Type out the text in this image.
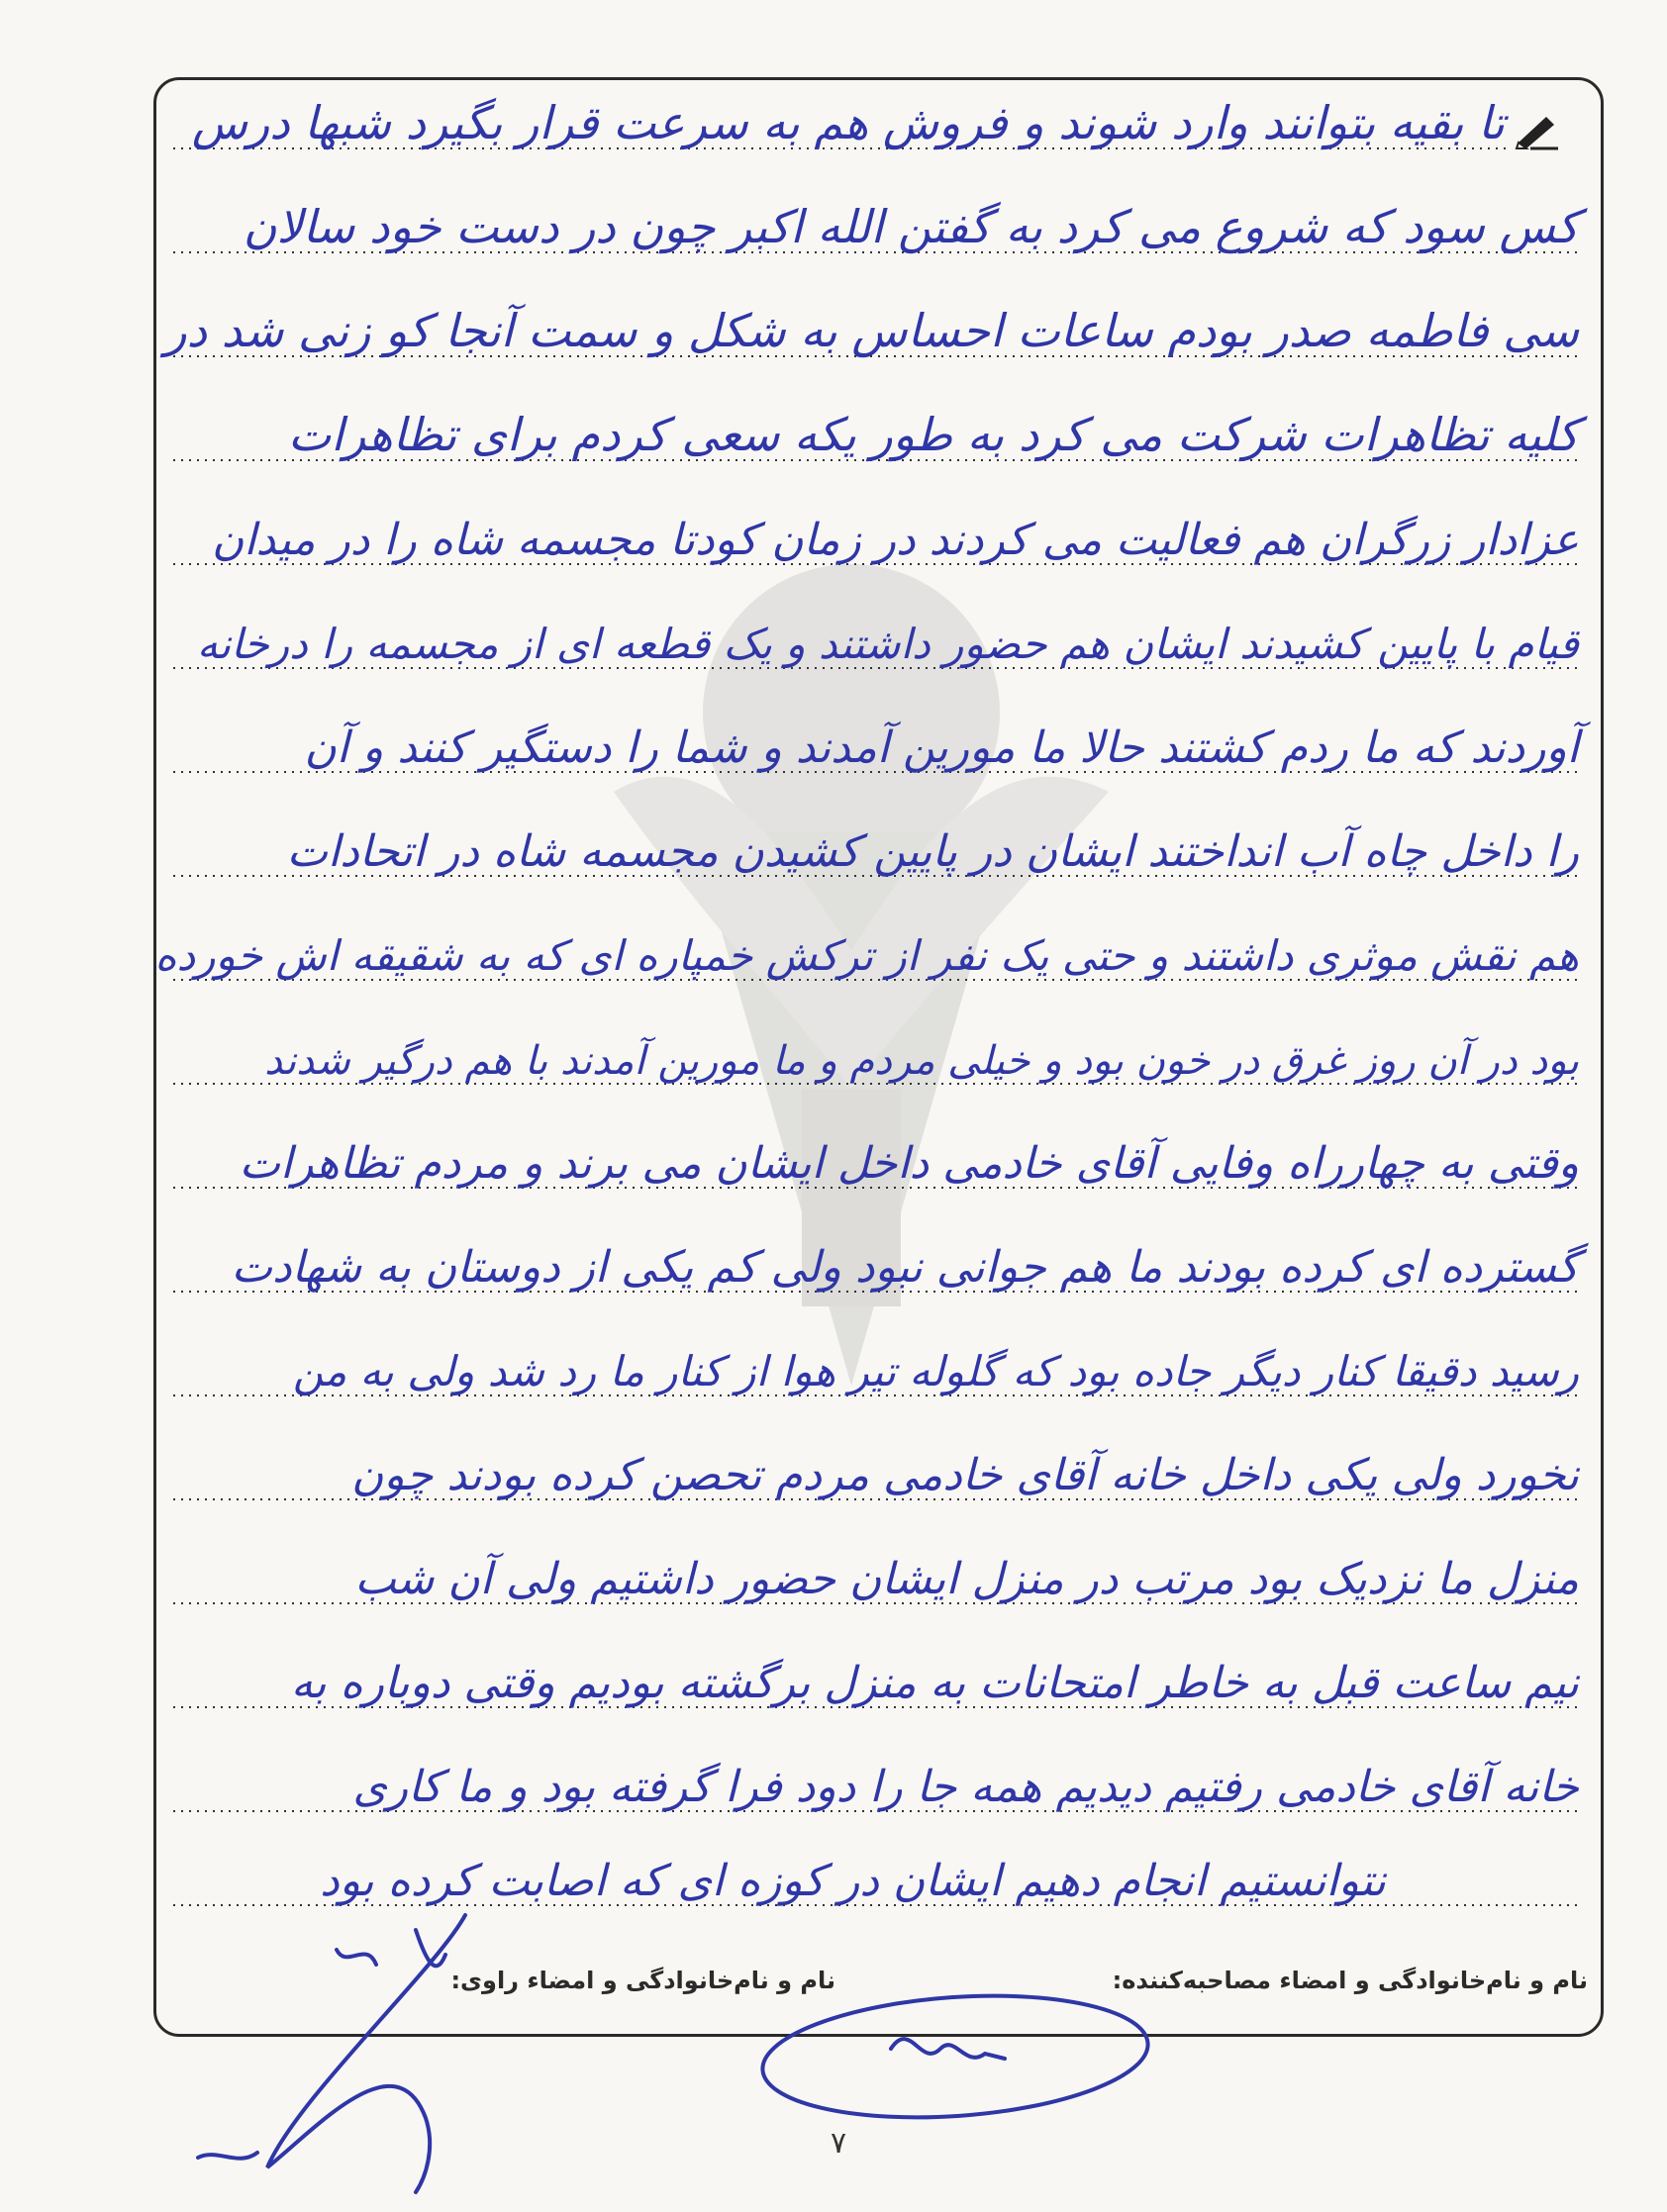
تا بقیه بتوانند وارد شوند و فروش هم به سرعت قرار بگیرد شبها درس
کس سود که شروع می کرد به گفتن الله اکبر چون در دست خود سالان
سی فاطمه صدر بودم ساعات احساس به شکل و سمت آنجا کو زنی شد در
کلیه تظاهرات شرکت می کرد به طور یکه سعی کردم برای تظاهرات
عزادار زرگران هم فعالیت می کردند در زمان کودتا مجسمه شاه را در میدان
قیام با پایین کشیدند ایشان هم حضور داشتند و یک قطعه ای از مجسمه را درخانه
آوردند که ما ردم کشتند حالا ما مورین آمدند و شما را دستگیر کنند و آن
را داخل چاه آب انداختند ایشان در پایین کشیدن مجسمه شاه در اتحادات
هم نقش موثری داشتند و حتی یک نفر از ترکش خمپاره ای که به شقیقه اش خورده
بود در آن روز غرق در خون بود و خیلی مردم و ما مورین آمدند با هم درگیر شدند
وقتی به چهارراه وفایی آقای خادمی داخل ایشان می برند و مردم تظاهرات
گسترده ای کرده بودند ما هم جوانی نبود ولی کم یکی از دوستان به شهادت
رسید دقیقا کنار دیگر جاده بود که گلوله تیر هوا از کنار ما رد شد ولی به من
نخورد ولی یکی داخل خانه آقای خادمی مردم تحصن کرده بودند چون
منزل ما نزدیک بود مرتب در منزل ایشان حضور داشتیم ولی آن شب
نیم ساعت قبل به خاطر امتحانات به منزل برگشته بودیم وقتی دوباره به
خانه آقای خادمی رفتیم دیدیم همه جا را دود فرا گرفته بود و ما کاری
نتوانستیم انجام دهیم ایشان در کوزه ای که اصابت کرده بود
نام و نام‌خانوادگی و امضاء مصاحبه‌کننده:
نام و نام‌خانوادگی و امضاء راوی:
۷
